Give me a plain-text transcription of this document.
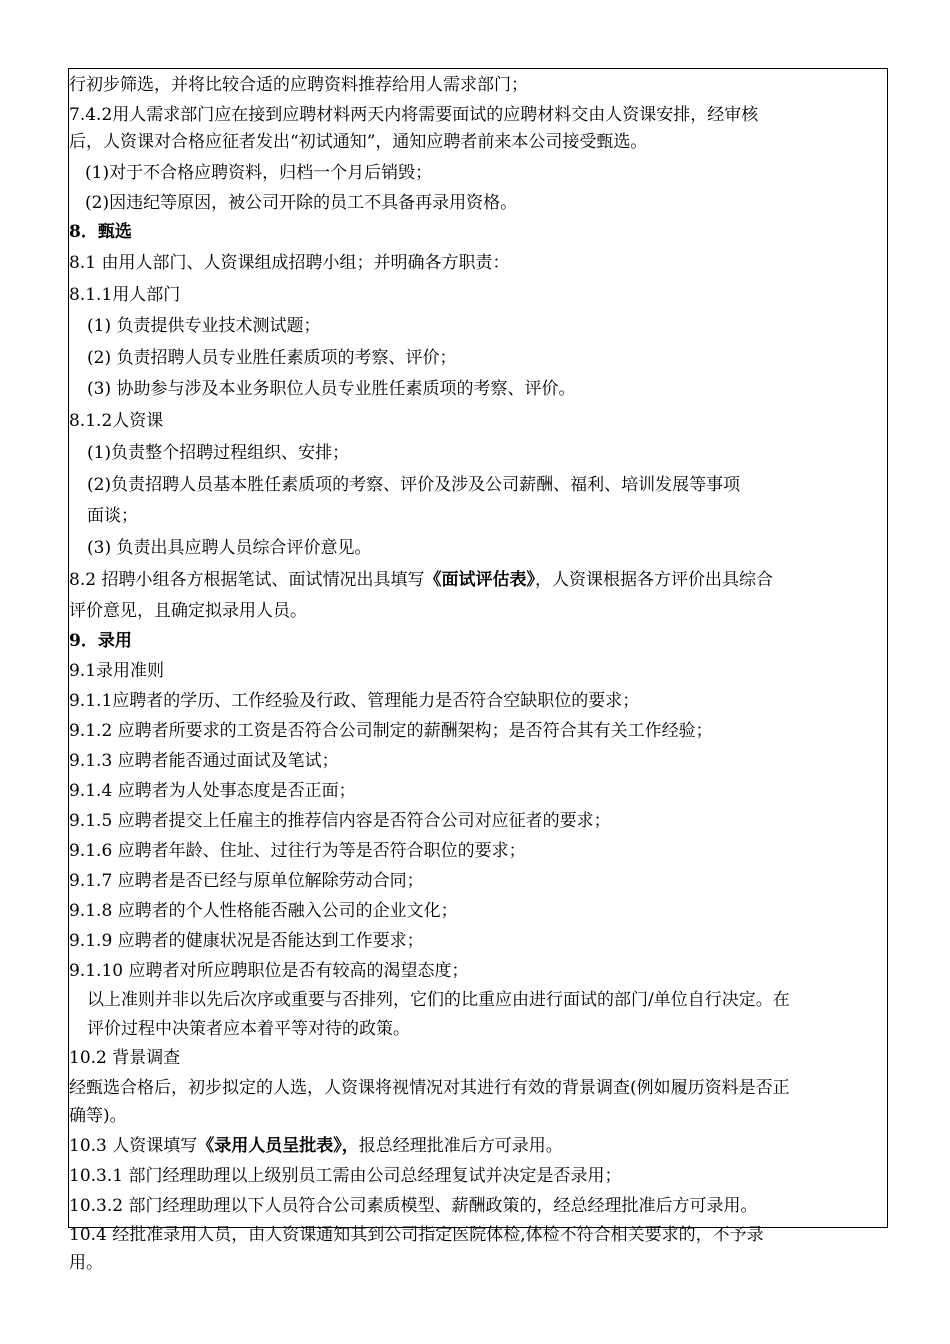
行初步筛选，并将比较合适的应聘资料推荐给用人需求部门；
7.4.2用人需求部门应在接到应聘材料两天内将需要面试的应聘材料交由人资课安排，经审核
后，人资课对合格应征者发出“初试通知”，通知应聘者前来本公司接受甄选。
(1)对于不合格应聘资料，归档一个月后销毁；
(2)因违纪等原因，被公司开除的员工不具备再录用资格。
8．甄选
8.1 由用人部门、人资课组成招聘小组；并明确各方职责：
8.1.1用人部门
(1) 负责提供专业技术测试题；
(2) 负责招聘人员专业胜任素质项的考察、评价；
(3) 协助参与涉及本业务职位人员专业胜任素质项的考察、评价。
8.1.2人资课
(1)负责整个招聘过程组织、安排；
(2)负责招聘人员基本胜任素质项的考察、评价及涉及公司薪酬、福利、培训发展等事项
面谈；
(3) 负责出具应聘人员综合评价意见。
8.2 招聘小组各方根据笔试、面试情况出具填写《面试评估表》，人资课根据各方评价出具综合
评价意见，且确定拟录用人员。
9．录用
9.1录用准则
9.1.1应聘者的学历、工作经验及行政、管理能力是否符合空缺职位的要求；
9.1.2 应聘者所要求的工资是否符合公司制定的薪酬架构；是否符合其有关工作经验；
9.1.3 应聘者能否通过面试及笔试；
9.1.4 应聘者为人处事态度是否正面；
9.1.5 应聘者提交上任雇主的推荐信内容是否符合公司对应征者的要求；
9.1.6 应聘者年龄、住址、过往行为等是否符合职位的要求；
9.1.7 应聘者是否已经与原单位解除劳动合同；
9.1.8 应聘者的个人性格能否融入公司的企业文化；
9.1.9 应聘者的健康状况是否能达到工作要求；
9.1.10 应聘者对所应聘职位是否有较高的渴望态度；
以上准则并非以先后次序或重要与否排列，它们的比重应由进行面试的部门/单位自行决定。在
评价过程中决策者应本着平等对待的政策。
10.2 背景调查
经甄选合格后，初步拟定的人选，人资课将视情况对其进行有效的背景调查(例如履历资料是否正
确等)。
10.3 人资课填写《录用人员呈批表》，报总经理批准后方可录用。
10.3.1 部门经理助理以上级别员工需由公司总经理复试并决定是否录用；
10.3.2 部门经理助理以下人员符合公司素质模型、薪酬政策的，经总经理批准后方可录用。
10.4 经批准录用人员，由人资课通知其到公司指定医院体检,体检不符合相关要求的，不予录
用。
